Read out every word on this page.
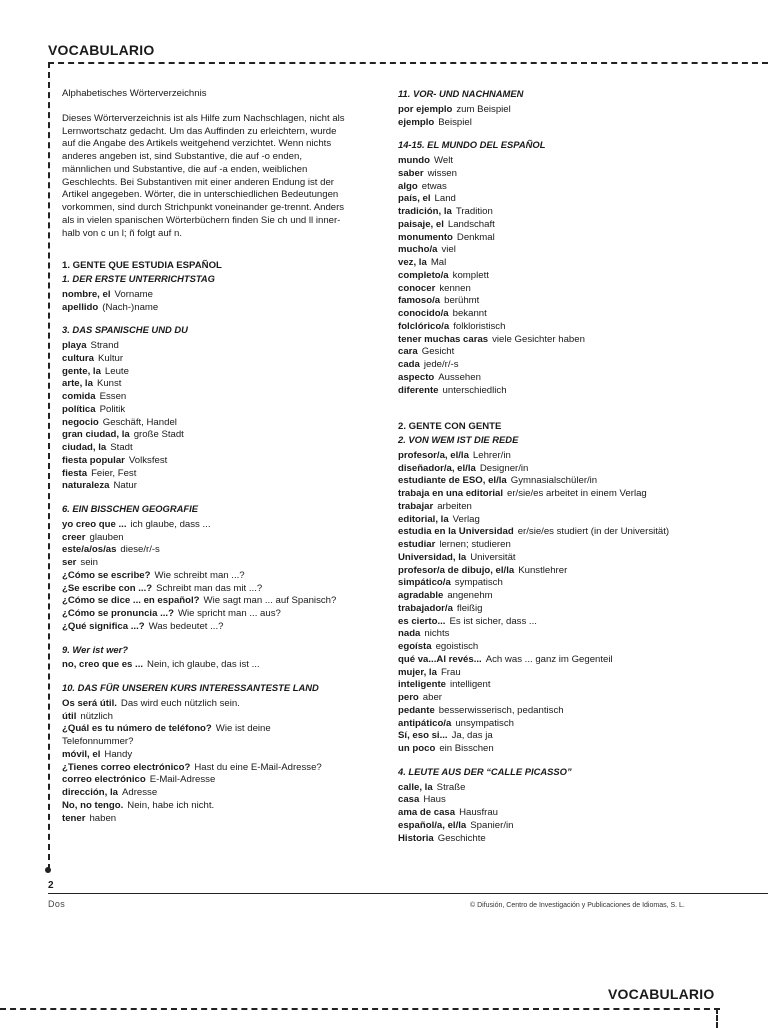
VOCABULARIO
Alphabetisches Wörterverzeichnis
Dieses Wörterverzeichnis ist als Hilfe zum Nachschlagen, nicht als
Lernwortschatz gedacht. Um das Auffinden zu erleichtern, wurde
auf die Angabe des Artikels weitgehend verzichtet. Wenn nichts
anderes angeben ist, sind Substantive, die auf -o enden,
männlichen und Substantive, die auf -a enden, weiblichen
Geschlechts. Bei Substantiven mit einer anderen Endung ist der
Artikel angegeben. Wörter, die in unterschiedlichen Bedeutungen
vorkommen, sind durch Strichpunkt voneinander ge-trennt. Anders
als in vielen spanischen Wörterbüchern finden Sie ch und ll inner-
halb von c un l; ñ folgt auf n.
1. GENTE QUE ESTUDIA ESPAÑOL
1. DER ERSTE UNTERRICHTSTAG
nombre, el Vorname
apellido (Nach-)name
3. DAS SPANISCHE UND DU
playa Strand
cultura Kultur
gente, la Leute
arte, la Kunst
comida Essen
política Politik
negocio Geschäft, Handel
gran ciudad, la große Stadt
ciudad, la Stadt
fiesta popular Volksfest
fiesta Feier, Fest
naturaleza Natur
6. EIN BISSCHEN GEOGRAFIE
yo creo que ... ich glaube, dass ...
creer glauben
este/a/os/as diese/r/-s
ser sein
¿Cómo se escribe? Wie schreibt man ...?
¿Se escribe con ...? Schreibt man das mit ...?
¿Cómo se dice ... en español? Wie sagt man ... auf Spanisch?
¿Cómo se pronuncia ...? Wie spricht man ... aus?
¿Qué significa ...? Was bedeutet ...?
9. Wer ist wer?
no, creo que es ... Nein, ich glaube, das ist ...
10. DAS FÜR UNSEREN KURS INTERESSANTESTE LAND
Os será útil. Das wird euch nützlich sein.
útil nützlich
¿Quál es tu número de teléfono? Wie ist deine
Telefonnummer?
móvil, el Handy
¿Tienes correo electrónico? Hast du eine E-Mail-Adresse?
correo electrónico E-Mail-Adresse
dirección, la Adresse
No, no tengo. Nein, habe ich nicht.
tener haben
11. VOR- UND NACHNAMEN
por ejemplo zum Beispiel
ejemplo Beispiel
14-15. EL MUNDO DEL ESPAÑOL
mundo Welt
saber wissen
algo etwas
país, el Land
tradición, la Tradition
paisaje, el Landschaft
monumento Denkmal
mucho/a viel
vez, la Mal
completo/a komplett
conocer kennen
famoso/a berühmt
conocido/a bekannt
folclórico/a folkloristisch
tener muchas caras viele Gesichter haben
cara Gesicht
cada jede/r/-s
aspecto Aussehen
diferente unterschiedlich
2. GENTE CON GENTE
2. VON WEM IST DIE REDE
profesor/a, el/la Lehrer/in
diseñador/a, el/la Designer/in
estudiante de ESO, el/la Gymnasialschüler/in
trabaja en una editorial er/sie/es arbeitet in einem Verlag
trabajar arbeiten
editorial, la Verlag
estudia en la Universidad er/sie/es studiert (in der Universität)
estudiar lernen; studieren
Universidad, la Universität
profesor/a de dibujo, el/la Kunstlehrer
simpático/a sympatisch
agradable angenehm
trabajador/a fleißig
es cierto... Es ist sicher, dass ...
nada nichts
egoísta egoistisch
qué va...Al revés... Ach was ... ganz im Gegenteil
mujer, la Frau
inteligente intelligent
pero aber
pedante besserwisserisch, pedantisch
antipático/a unsympatisch
Sí, eso si... Ja, das ja
un poco ein Bisschen
4. LEUTE AUS DER “CALLE PICASSO”
calle, la Straße
casa Haus
ama de casa Hausfrau
español/a, el/la Spanier/in
Historia Geschichte
2
Dos	© Difusión, Centro de Investigación y Publicaciones de Idiomas, S. L.
VOCABULARIO
